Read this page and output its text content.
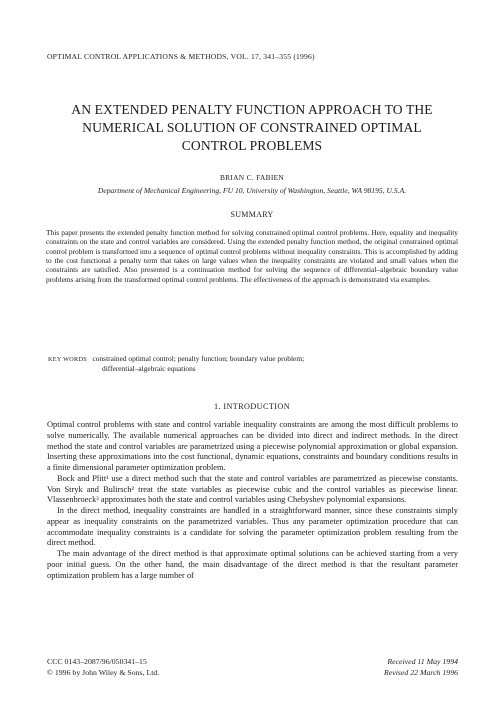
OPTIMAL CONTROL APPLICATIONS & METHODS, VOL. 17, 341–355 (1996)
AN EXTENDED PENALTY FUNCTION APPROACH TO THE
NUMERICAL SOLUTION OF CONSTRAINED OPTIMAL
CONTROL PROBLEMS
BRIAN C. FABIEN
Department of Mechanical Engineering, FU 10, University of Washington, Seattle, WA 98195, U.S.A.
SUMMARY
This paper presents the extended penalty function method for solving constrained optimal control problems. Here, equality and inequality constraints on the state and control variables are considered. Using the extended penalty function method, the original constrained optimal control problem is transformed into a sequence of optimal control problems without inequality constraints. This is accomplished by adding to the cost functional a penalty term that takes on large values when the inequality constraints are violated and small values when the constraints are satisfied. Also presented is a continuation method for solving the sequence of differential–algebraic boundary value problems arising from the transformed optimal control problems. The effectiveness of the approach is demonstrated via examples.
KEY WORDS constrained optimal control; penalty function; boundary value problem;
differential–algebraic equations
1. INTRODUCTION

Optimal control problems with state and control variable inequality constraints are among the most difficult problems to solve numerically. The available numerical approaches can be divided into direct and indirect methods. In the direct method the state and control variables are parametrized using a piecewise polynomial approximation or global expansion. Inserting these approximations into the cost functional, dynamic equations, constraints and boundary conditions results in a finite dimensional parameter optimization problem.

Bock and Plitt¹ use a direct method such that the state and control variables are parametrized as piecewise constants. Von Stryk and Bulirsch² treat the state variables as piecewise cubic and the control variables as piecewise linear. Vlassenbroeck³ approximates both the state and control variables using Chebyshev polynomial expansions.

In the direct method, inequality constraints are handled in a straightforward manner, since these constraints simply appear as inequality constraints on the parametrized variables. Thus any parameter optimization procedure that can accommodate inequality constraints is a candidate for solving the parameter optimization problem resulting from the direct method.

The main advantage of the direct method is that approximate optimal solutions can be achieved starting from a very poor initial guess. On the other hand, the main disadvantage of the direct method is that the resultant parameter optimization problem has a large number of

CCC 0143–2087/96/050341–15
© 1996 by John Wiley & Sons, Ltd.
Received 11 May 1994
Revised 22 March 1996
